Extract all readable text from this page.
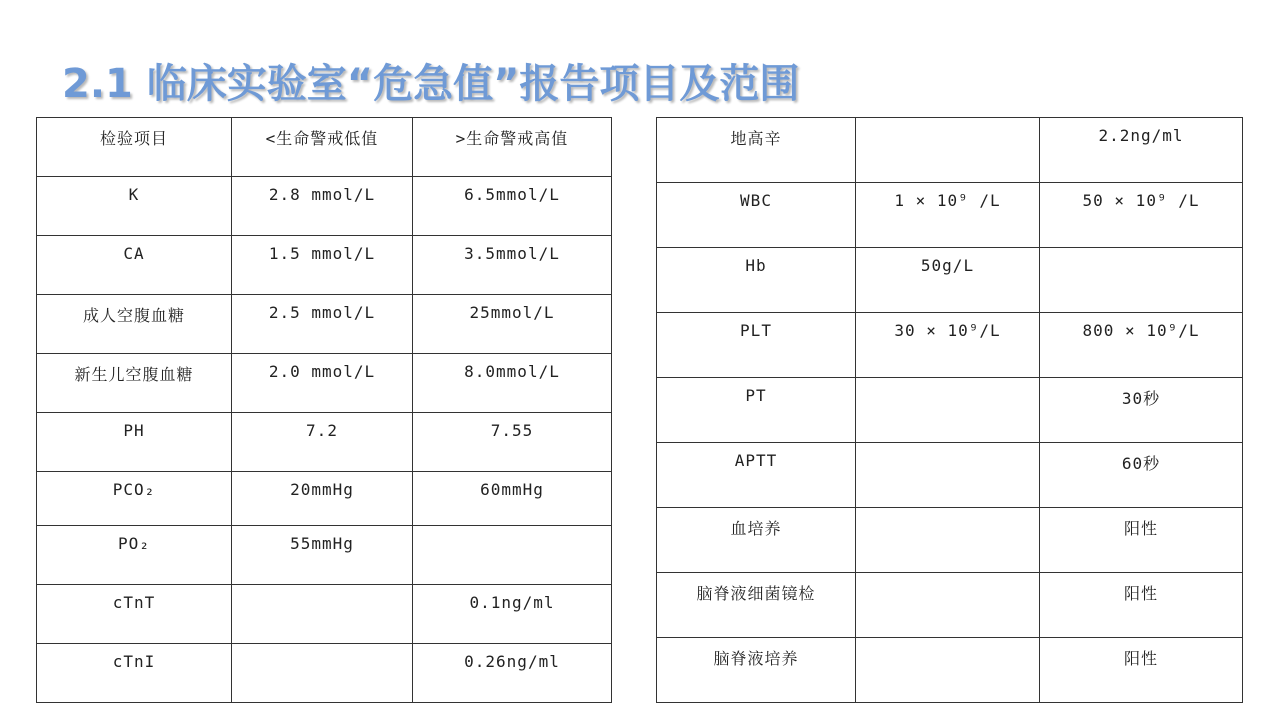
2.1 临床实验室“危急值”报告项目及范围
检验项目	<生命警戒低值	>生命警戒高值
K	2.8 mmol/L	6.5mmol/L
CA	1.5 mmol/L	3.5mmol/L
成人空腹血糖	2.5 mmol/L	25mmol/L
新生儿空腹血糖	2.0 mmol/L	8.0mmol/L
PH	7.2	7.55
PCO₂	20mmHg	60mmHg
PO₂	55mmHg	
cTnT		0.1ng/ml
cTnI		0.26ng/ml
地高辛		2.2ng/ml
WBC	1 × 10⁹ /L	50 × 10⁹ /L
Hb	50g/L	
PLT	30 × 10⁹/L	800 × 10⁹/L
PT		30秒
APTT		60秒
血培养		阳性
脑脊液细菌镜检		阳性
脑脊液培养		阳性
